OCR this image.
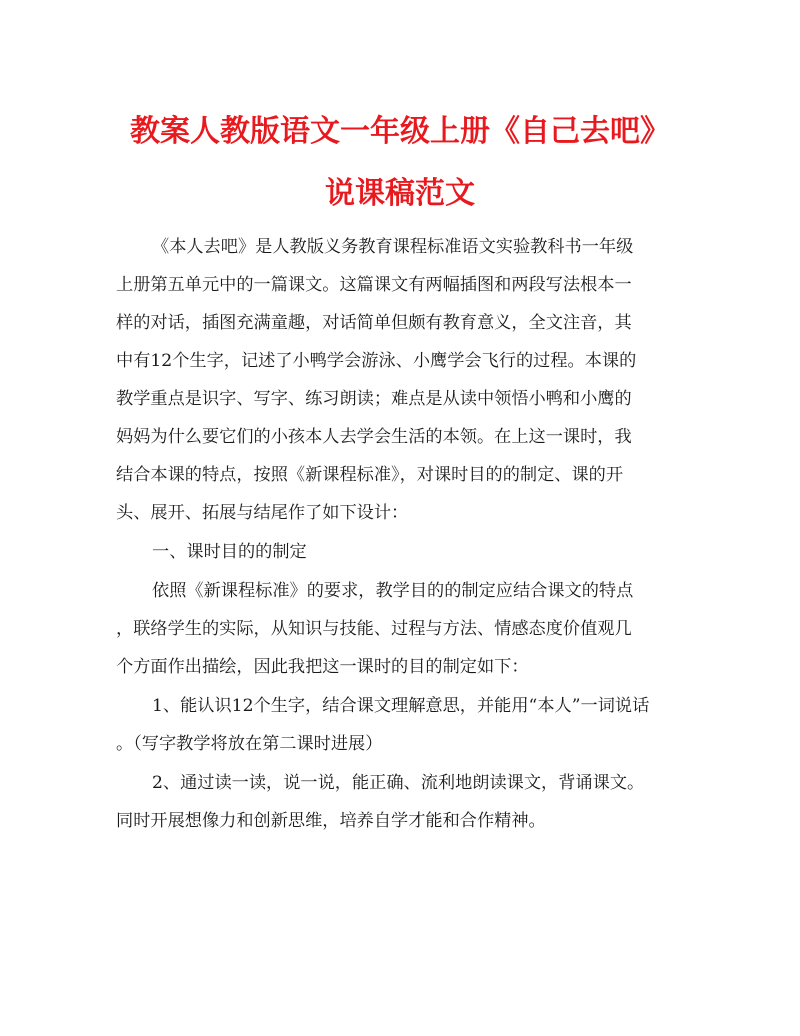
教案人教版语文一年级上册《自己去吧》
说课稿范文
《本人去吧》是人教版义务教育课程标准语文实验教科书一年级
上册第五单元中的一篇课文。这篇课文有两幅插图和两段写法根本一
样的对话，插图充满童趣，对话简单但颇有教育意义，全文注音，其
中有12个生字，记述了小鸭学会游泳、小鹰学会飞行的过程。本课的
教学重点是识字、写字、练习朗读；难点是从读中领悟小鸭和小鹰的
妈妈为什么要它们的小孩本人去学会生活的本领。在上这一课时，我
结合本课的特点，按照《新课程标准》，对课时目的的制定、课的开
头、展开、拓展与结尾作了如下设计：
一、课时目的的制定
依照《新课程标准》的要求，教学目的的制定应结合课文的特点
，联络学生的实际，从知识与技能、过程与方法、情感态度价值观几
个方面作出描绘，因此我把这一课时的目的制定如下：
1、能认识12个生字，结合课文理解意思，并能用“本人”一词说话
。（写字教学将放在第二课时进展）
2、通过读一读，说一说，能正确、流利地朗读课文，背诵课文。
同时开展想像力和创新思维，培养自学才能和合作精神。
